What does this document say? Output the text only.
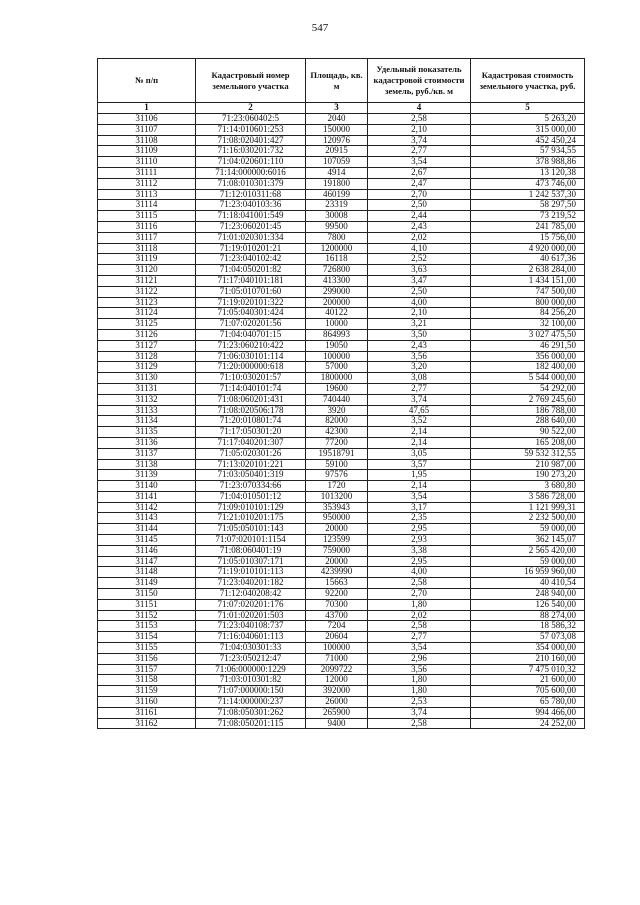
547
№ п/п	Кадастровый номер земельного участка	Площадь, кв. м	Удельный показатель кадастровой стоимости земель, руб./кв. м	Кадастровая стоимость земельного участка, руб.
1	2	3	4	5
31106	71:23:060402:5	2040	2,58	5 263,20
31107	71:14:010601:253	150000	2,10	315 000,00
31108	71:08:020401:427	120976	3,74	452 450,24
31109	71:16:030201:732	20915	2,77	57 934,55
31110	71:04:020601:110	107059	3,54	378 988,86
31111	71:14:000000:6016	4914	2,67	13 120,38
31112	71:08:010301:379	191800	2,47	473 746,00
31113	71:12:010311:68	460199	2,70	1 242 537,30
31114	71:23:040103:36	23319	2,50	58 297,50
31115	71:18:041001:549	30008	2,44	73 219,52
31116	71:23:060201:45	99500	2,43	241 785,00
31117	71:01:020301:334	7800	2,02	15 756,00
31118	71:19:010201:21	1200000	4,10	4 920 000,00
31119	71:23:040102:42	16118	2,52	40 617,36
31120	71:04:050201:82	726800	3,63	2 638 284,00
31121	71:17:040101:181	413300	3,47	1 434 151,00
31122	71:05:010701:60	299000	2,50	747 500,00
31123	71:19:020101:322	200000	4,00	800 000,00
31124	71:05:040301:424	40122	2,10	84 256,20
31125	71:07:020201:56	10000	3,21	32 100,00
31126	71:04:040701:15	864993	3,50	3 027 475,50
31127	71:23:060210:422	19050	2,43	46 291,50
31128	71:06:030101:114	100000	3,56	356 000,00
31129	71:20:000000:618	57000	3,20	182 400,00
31130	71:10:030201:57	1800000	3,08	5 544 000,00
31131	71:14:040101:74	19600	2,77	54 292,00
31132	71:08:060201:431	740440	3,74	2 769 245,60
31133	71:08:020506:178	3920	47,65	186 788,00
31134	71:20:010801:74	82000	3,52	288 640,00
31135	71:17:050301:20	42300	2,14	90 522,00
31136	71:17:040201:307	77200	2,14	165 208,00
31137	71:05:020301:26	19518791	3,05	59 532 312,55
31138	71:13:020101:221	59100	3,57	210 987,00
31139	71:03:050401:319	97576	1,95	190 273,20
31140	71:23:070334:66	1720	2,14	3 680,80
31141	71:04:010501:12	1013200	3,54	3 586 728,00
31142	71:09:010101:129	353943	3,17	1 121 999,31
31143	71:21:010201:175	950000	2,35	2 232 500,00
31144	71:05:050101:143	20000	2,95	59 000,00
31145	71:07:020101:1154	123599	2,93	362 145,07
31146	71:08:060401:19	759000	3,38	2 565 420,00
31147	71:05:010307:171	20000	2,95	59 000,00
31148	71:19:010101:113	4239990	4,00	16 959 960,00
31149	71:23:040201:182	15663	2,58	40 410,54
31150	71:12:040208:42	92200	2,70	248 940,00
31151	71:07:020201:176	70300	1,80	126 540,00
31152	71:01:020201:503	43700	2,02	88 274,00
31153	71:23:040108:737	7204	2,58	18 586,32
31154	71:16:040601:113	20604	2,77	57 073,08
31155	71:04:030301:33	100000	3,54	354 000,00
31156	71:23:050212:47	71000	2,96	210 160,00
31157	71:06:000000:1229	2099722	3,56	7 475 010,32
31158	71:03:010301:82	12000	1,80	21 600,00
31159	71:07:000000:150	392000	1,80	705 600,00
31160	71:14:000000:237	26000	2,53	65 780,00
31161	71:08:050301:262	265900	3,74	994 466,00
31162	71:08:050201:115	9400	2,58	24 252,00
